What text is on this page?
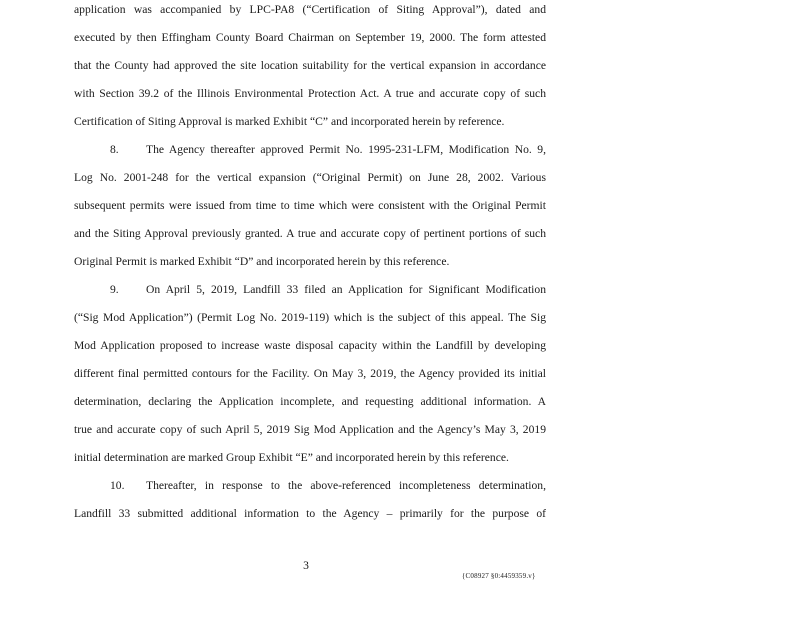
application was accompanied by LPC-PA8 (“Certification of Siting Approval”), dated and
executed by then Effingham County Board Chairman on September 19, 2000. The form attested
that the County had approved the site location suitability for the vertical expansion in accordance
with Section 39.2 of the Illinois Environmental Protection Act. A true and accurate copy of such
Certification of Siting Approval is marked Exhibit “C” and incorporated herein by reference.
8. The Agency thereafter approved Permit No. 1995-231-LFM, Modification No. 9,
Log No. 2001-248 for the vertical expansion (“Original Permit) on June 28, 2002. Various
subsequent permits were issued from time to time which were consistent with the Original Permit
and the Siting Approval previously granted. A true and accurate copy of pertinent portions of such
Original Permit is marked Exhibit “D” and incorporated herein by this reference.
9. On April 5, 2019, Landfill 33 filed an Application for Significant Modification
(“Sig Mod Application”) (Permit Log No. 2019-119) which is the subject of this appeal. The Sig
Mod Application proposed to increase waste disposal capacity within the Landfill by developing
different final permitted contours for the Facility. On May 3, 2019, the Agency provided its initial
determination, declaring the Application incomplete, and requesting additional information. A
true and accurate copy of such April 5, 2019 Sig Mod Application and the Agency’s May 3, 2019
initial determination are marked Group Exhibit “E” and incorporated herein by this reference.
10. Thereafter, in response to the above-referenced incompleteness determination,
Landfill 33 submitted additional information to the Agency – primarily for the purpose of
3
{C08927 §0:4459359.v}
